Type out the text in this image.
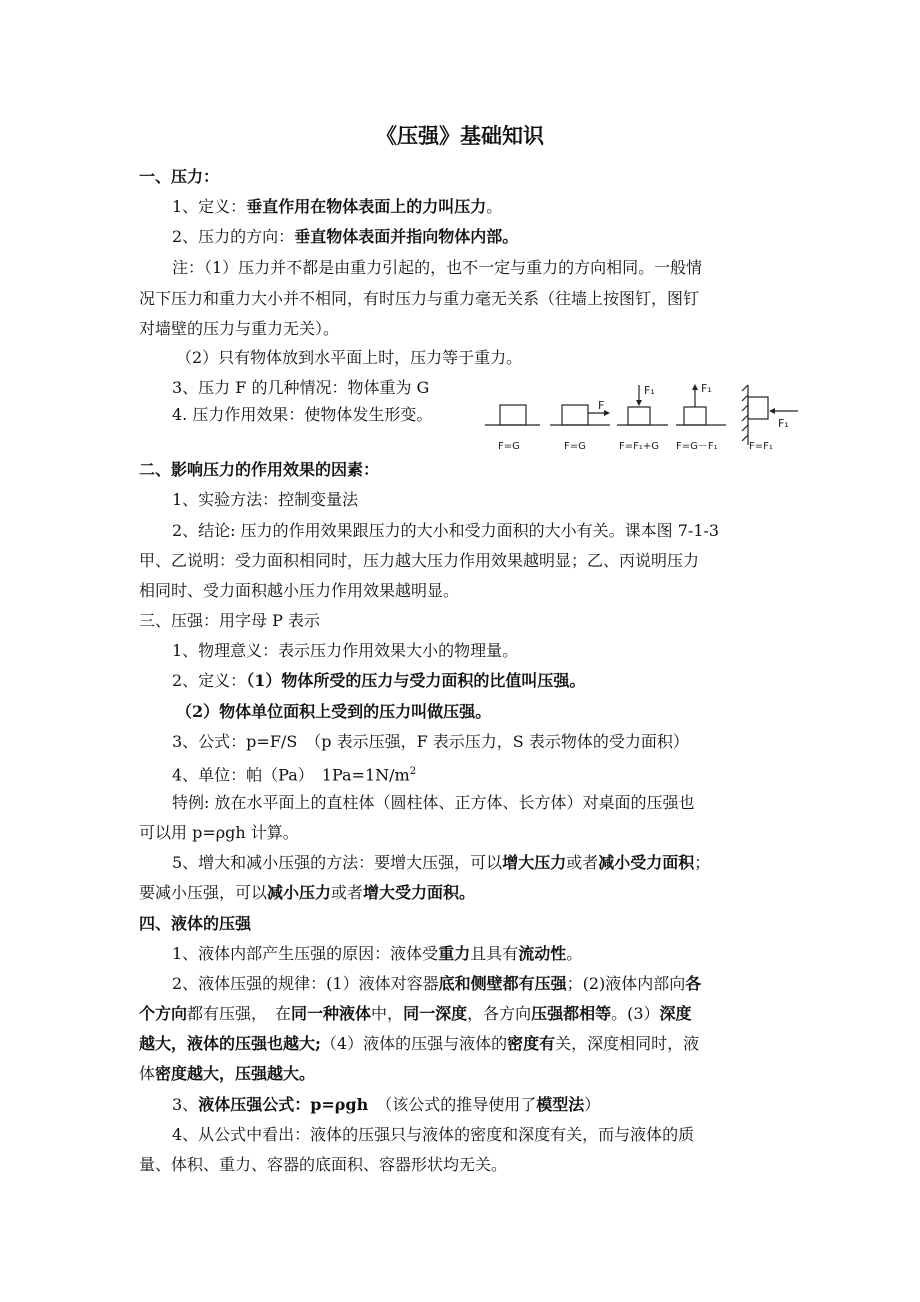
《压强》基础知识
一、压力：
1、定义：垂直作用在物体表面上的力叫压力。
2、压力的方向：垂直物体表面并指向物体内部。
注：（1）压力并不都是由重力引起的，也不一定与重力的方向相同。一般情
况下压力和重力大小并不相同，有时压力与重力毫无关系（往墙上按图钉，图钉
对墙壁的压力与重力无关）。
（2）只有物体放到水平面上时，压力等于重力。
3、压力 F 的几种情况：物体重为 G
4. 压力作用效果：使物体发生形变。	F
F₁	F₁
F₁
F=G	F=G	F=F₁+G F=G－F₁	F=F₁
二、影响压力的作用效果的因素：
1、实验方法：控制变量法
2、结论: 压力的作用效果跟压力的大小和受力面积的大小有关。课本图 7-1-3
甲、乙说明：受力面积相同时，压力越大压力作用效果越明显；乙、丙说明压力
相同时、受力面积越小压力作用效果越明显。
三、压强：用字母 P 表示
1、物理意义：表示压力作用效果大小的物理量。
2、定义：（1）物体所受的压力与受力面积的比值叫压强。
（2）物体单位面积上受到的压力叫做压强。
3、公式：p=F/S　（p 表示压强，F 表示压力，S 表示物体的受力面积）
4、单位：帕（Pa）　$1Pa=1N/m^2$
特例: 放在水平面上的直柱体（圆柱体、正方体、长方体）对桌面的压强也
可以用 p=ρgh 计算。
5、增大和减小压强的方法：要增大压强，可以增大压力或者减小受力面积；
要减小压强，可以减小压力或者增大受力面积。
四、液体的压强
1、液体内部产生压强的原因：液体受重力且具有流动性。
2、液体压强的规律：(1）液体对容器底和侧壁都有压强；(2)液体内部向各
个方向都有压强，　在同一种液体中，同一深度，各方向压强都相等。(3）深度
越大，液体的压强也越大;（4）液体的压强与液体的密度有关，深度相同时，液
体密度越大，压强越大。
3、液体压强公式：p=ρgh　（该公式的推导使用了模型法）
4、从公式中看出：液体的压强只与液体的密度和深度有关，而与液体的质
量、体积、重力、容器的底面积、容器形状均无关。
